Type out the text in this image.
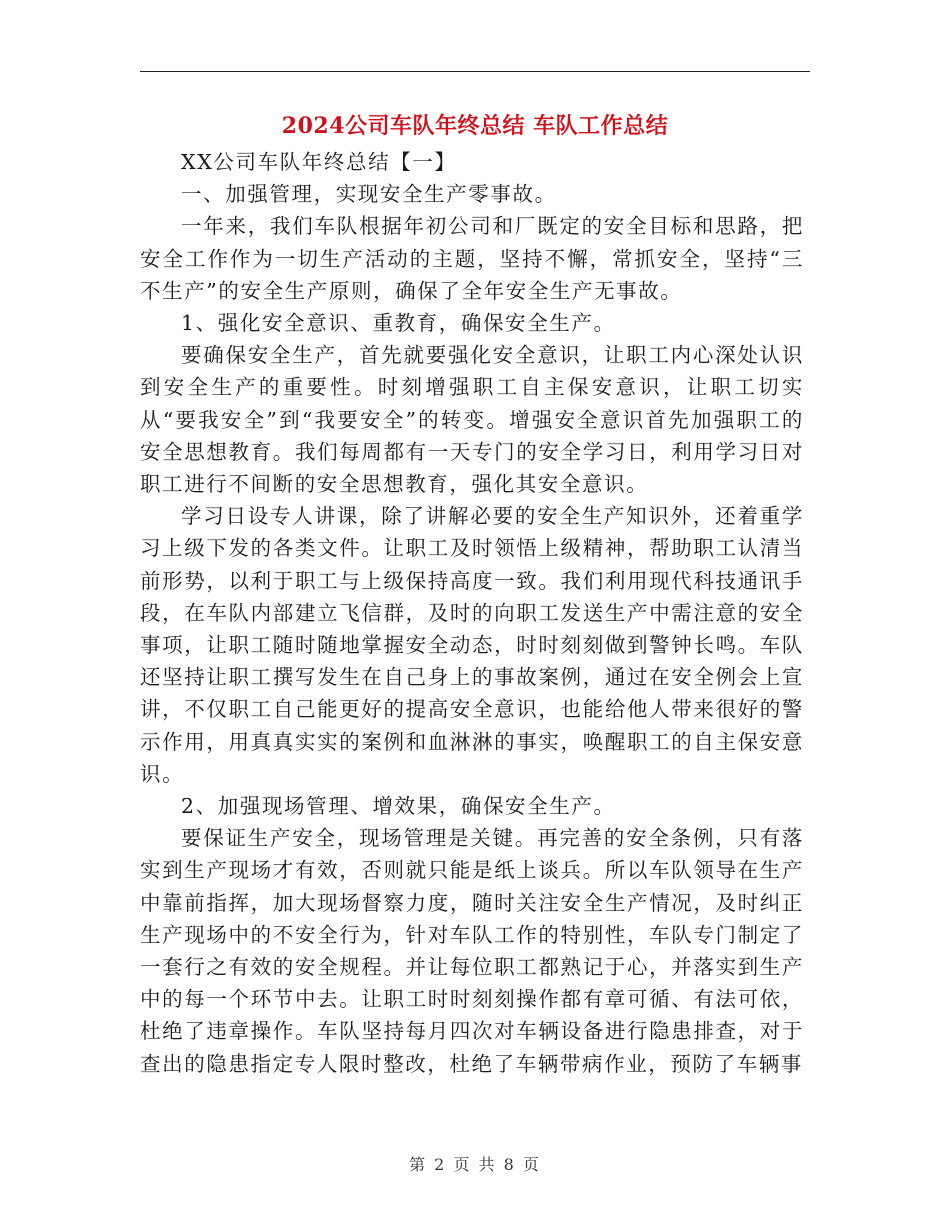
2024公司车队年终总结 车队工作总结

XX公司车队年终总结【一】

一、加强管理，实现安全生产零事故。

一年来，我们车队根据年初公司和厂既定的安全目标和思路，把安全工作作为一切生产活动的主题，坚持不懈，常抓安全，坚持“三不生产”的安全生产原则，确保了全年安全生产无事故。

1、强化安全意识、重教育，确保安全生产。

要确保安全生产，首先就要强化安全意识，让职工内心深处认识到安全生产的重要性。时刻增强职工自主保安意识，让职工切实从“要我安全”到“我要安全”的转变。增强安全意识首先加强职工的安全思想教育。我们每周都有一天专门的安全学习日，利用学习日对职工进行不间断的安全思想教育，强化其安全意识。

学习日设专人讲课，除了讲解必要的安全生产知识外，还着重学习上级下发的各类文件。让职工及时领悟上级精神，帮助职工认清当前形势，以利于职工与上级保持高度一致。我们利用现代科技通讯手段，在车队内部建立飞信群，及时的向职工发送生产中需注意的安全事项，让职工随时随地掌握安全动态，时时刻刻做到警钟长鸣。车队还坚持让职工撰写发生在自己身上的事故案例，通过在安全例会上宣讲，不仅职工自己能更好的提高安全意识，也能给他人带来很好的警示作用，用真真实实的案例和血淋淋的事实，唤醒职工的自主保安意识。

2、加强现场管理、增效果，确保安全生产。

要保证生产安全，现场管理是关键。再完善的安全条例，只有落实到生产现场才有效，否则就只能是纸上谈兵。所以车队领导在生产中靠前指挥，加大现场督察力度，随时关注安全生产情况，及时纠正生产现场中的不安全行为，针对车队工作的特别性，车队专门制定了一套行之有效的安全规程。并让每位职工都熟记于心，并落实到生产中的每一个环节中去。让职工时时刻刻操作都有章可循、有法可依，杜绝了违章操作。车队坚持每月四次对车辆设备进行隐患排查，对于查出的隐患指定专人限时整改，杜绝了车辆带病作业，预防了车辆事

第 2 页 共 8 页
